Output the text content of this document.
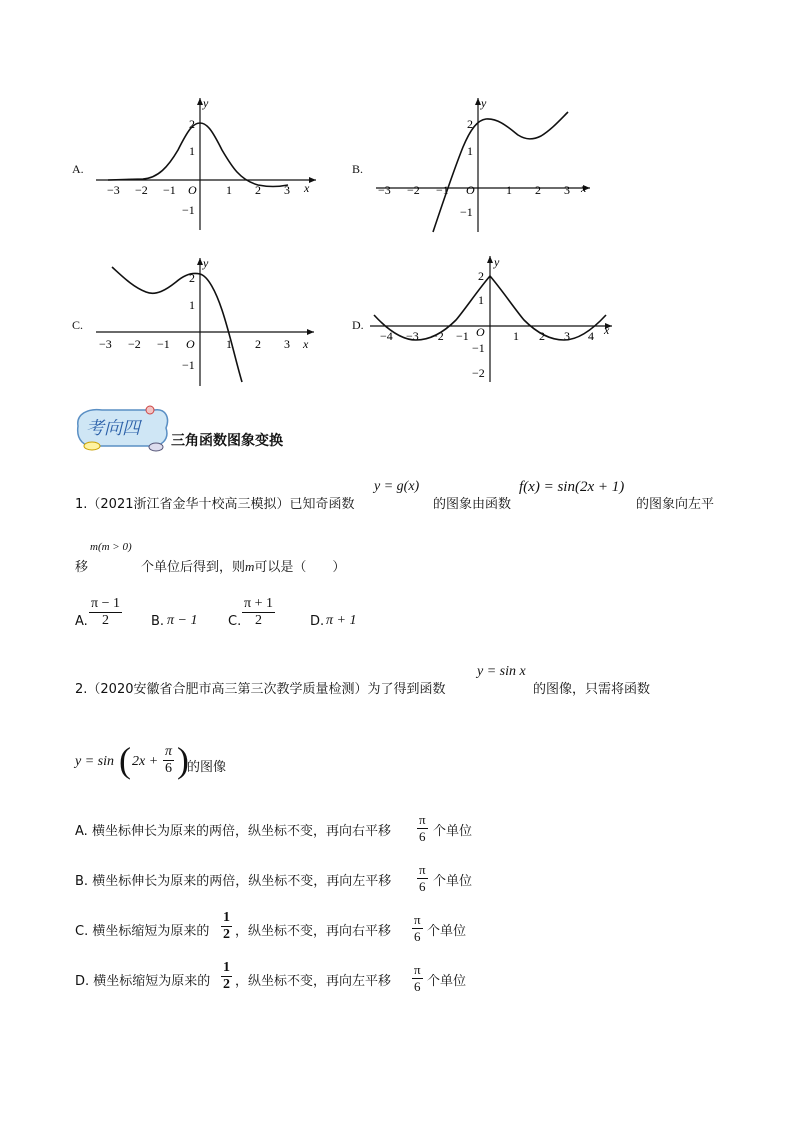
A.
y
x
−3 −2 −1 O 1 2 3
2
1
−1
B.
y
x
−3 −2 −1 O	1 2 3
2
1
−1
C.
y
x
−3 −2 −1 O	1 2 3
2
1
−1
D.
y
x
−4 −3 −2 −1 O 1 2 3 4
2
1
−1
−2
考向四
三角函数图象变换
1.（2021浙江省金华十校高三模拟）已知奇函数
y = g(x)
的图象由函数
f(x) = sin(2x + 1)
的图象向左平
移
m(m > 0)
个单位后得到，则m可以是（　　）
A. $\frac{\pi - 1}{2} B$. π − 1 C. $\frac{\pi + 1}{2}$	D. π + 1
2.（2020安徽省合肥市高三第三次教学质量检测）为了得到函数
y = sin x
的图像，只需将函数
y = sin ( $2x + \frac{\pi}{6}$ )
的图像
A. 横坐标伸长为原来的两倍，纵坐标不变，再向右平移 $\frac{\pi}{6}$ 个单位
B. 横坐标伸长为原来的两倍，纵坐标不变，再向左平移 $\frac{\pi}{6}$ 个单位
C. 横坐标缩短为原来的 $\frac{1}{2}$ ，纵坐标不变，再向右平移 $\frac{\pi}{6}$ 个单位
D. 横坐标缩短为原来的 $\frac{1}{2}$ ，纵坐标不变，再向左平移 $\frac{\pi}{6}$ 个单位
